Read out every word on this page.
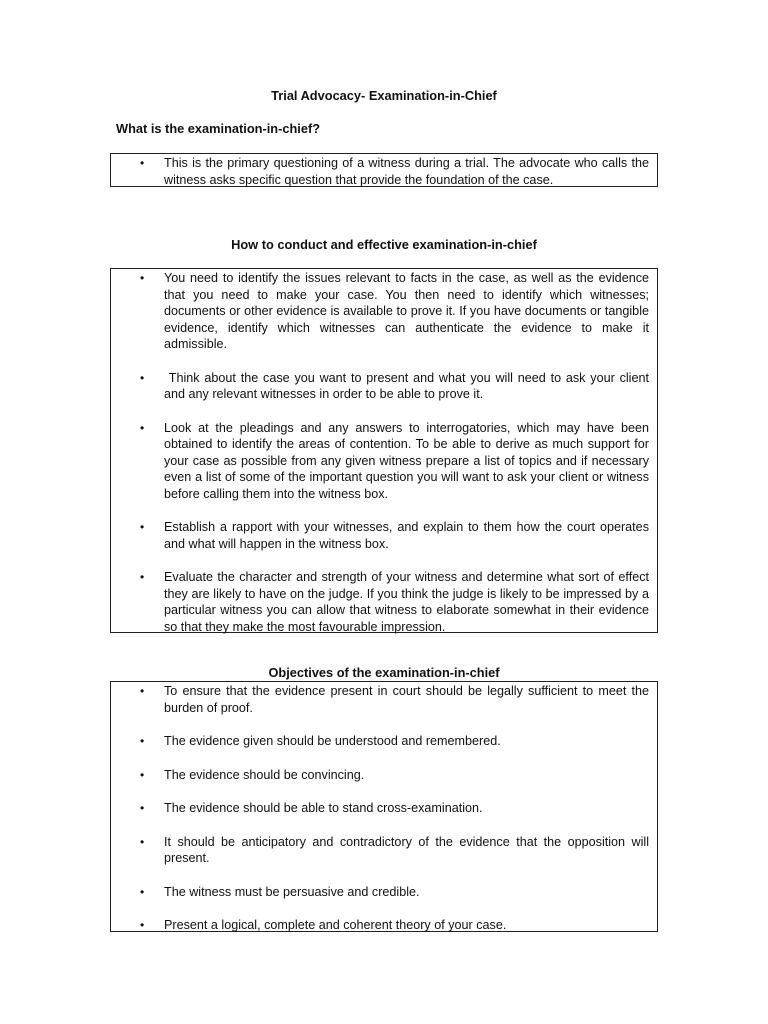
Trial Advocacy- Examination-in-Chief
What is the examination-in-chief?
• This is the primary questioning of a witness during a trial. The advocate who calls the witness asks specific question that provide the foundation of the case.
How to conduct and effective examination-in-chief
• You need to identify the issues relevant to facts in the case, as well as the evidence that you need to make your case. You then need to identify which witnesses; documents or other evidence is available to prove it. If you have documents or tangible evidence, identify which witnesses can authenticate the evidence to make it admissible.
• Think about the case you want to present and what you will need to ask your client and any relevant witnesses in order to be able to prove it.
• Look at the pleadings and any answers to interrogatories, which may have been obtained to identify the areas of contention. To be able to derive as much support for your case as possible from any given witness prepare a list of topics and if necessary even a list of some of the important question you will want to ask your client or witness before calling them into the witness box.
• Establish a rapport with your witnesses, and explain to them how the court operates and what will happen in the witness box.
• Evaluate the character and strength of your witness and determine what sort of effect they are likely to have on the judge. If you think the judge is likely to be impressed by a particular witness you can allow that witness to elaborate somewhat in their evidence so that they make the most favourable impression.
Objectives of the examination-in-chief
• To ensure that the evidence present in court should be legally sufficient to meet the burden of proof.
• The evidence given should be understood and remembered.
• The evidence should be convincing.
• The evidence should be able to stand cross-examination.
• It should be anticipatory and contradictory of the evidence that the opposition will present.
• The witness must be persuasive and credible.
• Present a logical, complete and coherent theory of your case.
